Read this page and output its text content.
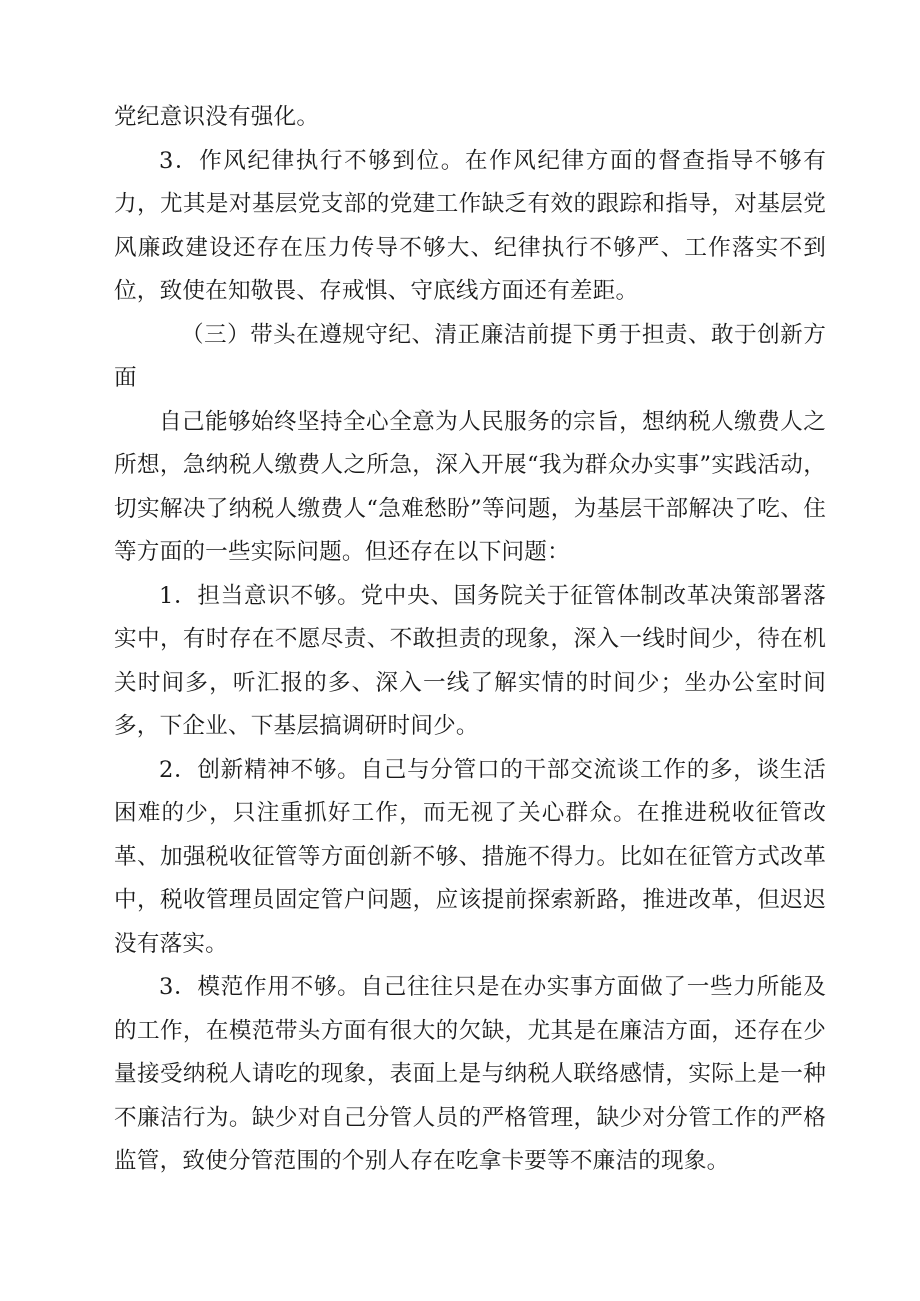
党纪意识没有强化。

3．作风纪律执行不够到位。在作风纪律方面的督查指导不够有力，尤其是对基层党支部的党建工作缺乏有效的跟踪和指导，对基层党风廉政建设还存在压力传导不够大、纪律执行不够严、工作落实不到位，致使在知敬畏、存戒惧、守底线方面还有差距。

（三）带头在遵规守纪、清正廉洁前提下勇于担责、敢于创新方面

自己能够始终坚持全心全意为人民服务的宗旨，想纳税人缴费人之所想，急纳税人缴费人之所急，深入开展“我为群众办实事”实践活动，切实解决了纳税人缴费人“急难愁盼”等问题，为基层干部解决了吃、住等方面的一些实际问题。但还存在以下问题：

1．担当意识不够。党中央、国务院关于征管体制改革决策部署落实中，有时存在不愿尽责、不敢担责的现象，深入一线时间少，待在机关时间多，听汇报的多、深入一线了解实情的时间少；坐办公室时间多，下企业、下基层搞调研时间少。

2．创新精神不够。自己与分管口的干部交流谈工作的多，谈生活困难的少，只注重抓好工作，而无视了关心群众。在推进税收征管改革、加强税收征管等方面创新不够、措施不得力。比如在征管方式改革中，税收管理员固定管户问题，应该提前探索新路，推进改革，但迟迟没有落实。

3．模范作用不够。自己往往只是在办实事方面做了一些力所能及的工作，在模范带头方面有很大的欠缺，尤其是在廉洁方面，还存在少量接受纳税人请吃的现象，表面上是与纳税人联络感情，实际上是一种不廉洁行为。缺少对自己分管人员的严格管理，缺少对分管工作的严格监管，致使分管范围的个别人存在吃拿卡要等不廉洁的现象。
